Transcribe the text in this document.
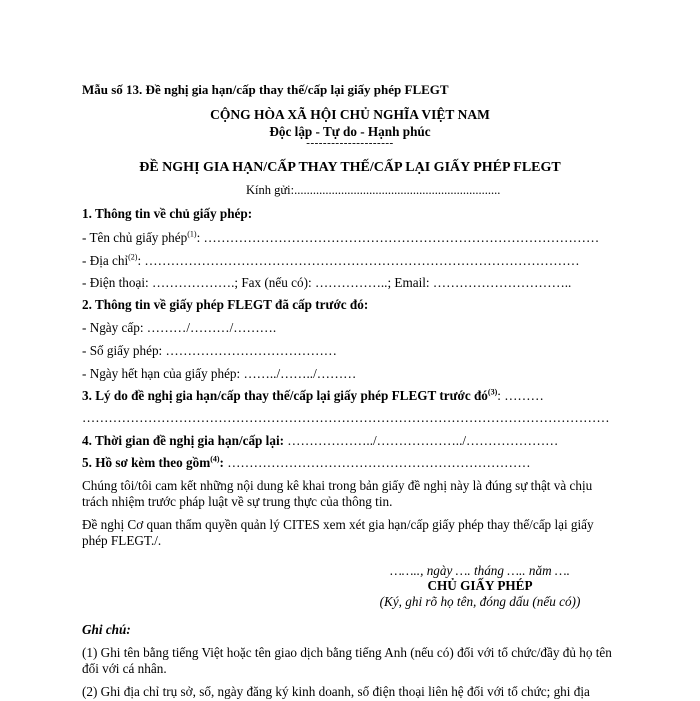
Mẫu số 13. Đề nghị gia hạn/cấp thay thế/cấp lại giấy phép FLEGT
CỘNG HÒA XÃ HỘI CHỦ NGHĨA VIỆT NAM
Độc lập - Tự do - Hạnh phúc
---------------------
ĐỀ NGHỊ GIA HẠN/CẤP THAY THẾ/CẤP LẠI GIẤY PHÉP FLEGT
Kính gửi:..................................................................
1. Thông tin về chủ giấy phép:
- Tên chủ giấy phép$^{(1)}$: ………………………………………………………………………………
- Địa chỉ$^{(2)}$: ………………………………………………………………………………………
- Điện thoại: ……………….; Fax (nếu có): ……………..; Email: …………………………..
2. Thông tin về giấy phép FLEGT đã cấp trước đó:
- Ngày cấp: ………/………/……….
- Số giấy phép: …………………………………
- Ngày hết hạn của giấy phép: ……../……../………
3. Lý do đề nghị gia hạn/cấp thay thế/cấp lại giấy phép FLEGT trước $đó^{(3)}$: ………
…………………………………………………………………………………………………………
4. Thời gian đề nghị gia hạn/cấp lại: ………………../………………../…………………
5. Hồ sơ kèm theo gồm$^{(4)}$: ……………………………………………………………
Chúng tôi/tôi cam kết những nội dung kê khai trong bản giấy đề nghị này là đúng sự thật và chịu trách nhiệm trước pháp luật về sự trung thực của thông tin.
Đề nghị Cơ quan thẩm quyền quản lý CITES xem xét gia hạn/cấp giấy phép thay thế/cấp lại giấy phép FLEGT./.
…….., ngày …. tháng ….. năm ….
CHỦ GIẤY PHÉP
(Ký, ghi rõ họ tên, đóng dấu (nếu có))
Ghi chú:
(1) Ghi tên bằng tiếng Việt hoặc tên giao dịch bằng tiếng Anh (nếu có) đối với tổ chức/đầy đủ họ tên đối với cá nhân.
(2) Ghi địa chỉ trụ sở, số, ngày đăng ký kinh doanh, số điện thoại liên hệ đối với tổ chức; ghi địa
